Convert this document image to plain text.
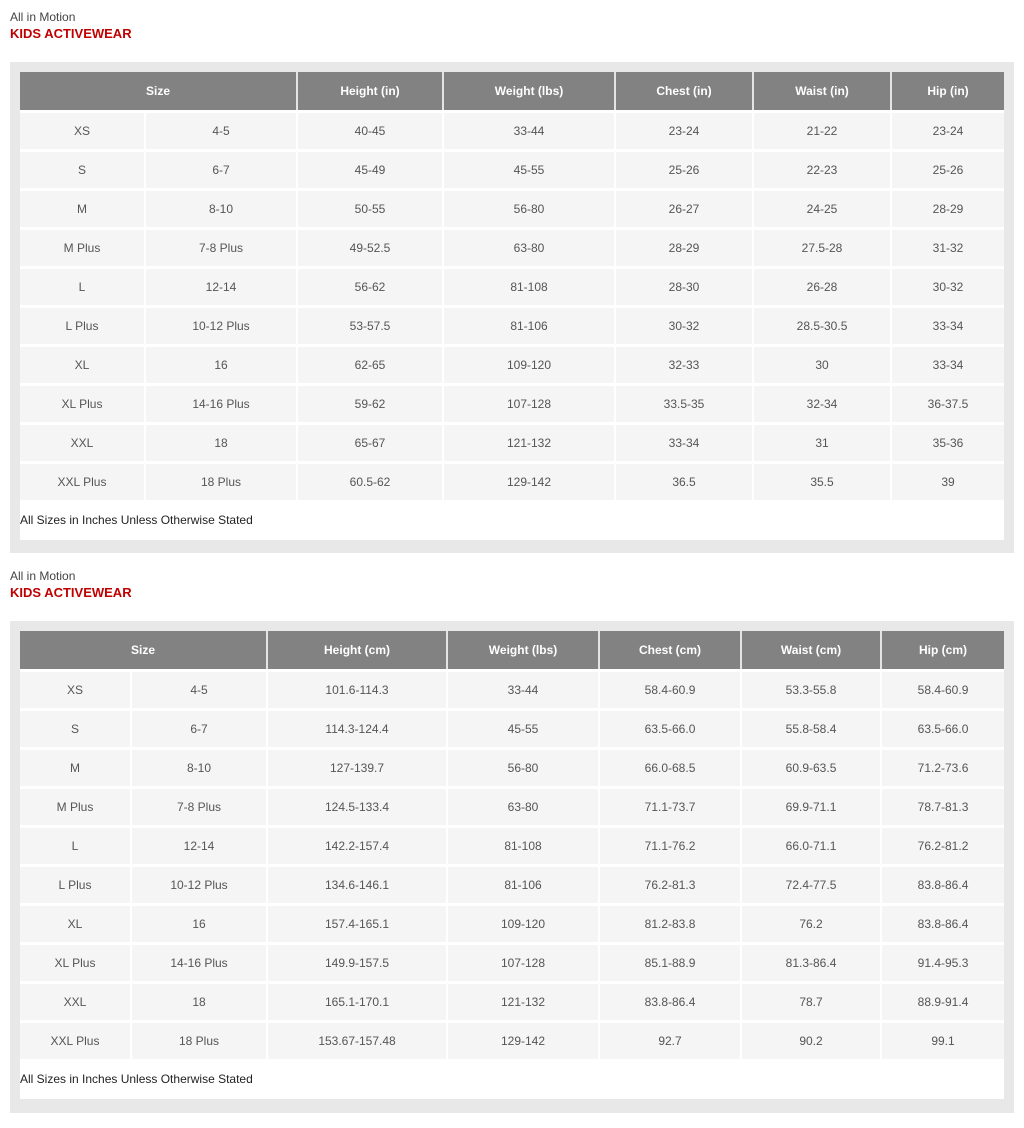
All in Motion
KIDS ACTIVEWEAR
Size		Height (in)	Weight (lbs)	Chest (in)	Waist (in)	Hip (in)
XS	4-5	40-45	33-44	23-24	21-22	23-24
S	6-7	45-49	45-55	25-26	22-23	25-26
M	8-10	50-55	56-80	26-27	24-25	28-29
M Plus	7-8 Plus	49-52.5	63-80	28-29	27.5-28	31-32
L	12-14	56-62	81-108	28-30	26-28	30-32
L Plus	10-12 Plus	53-57.5	81-106	30-32	28.5-30.5	33-34
XL	16	62-65	109-120	32-33	30	33-34
XL Plus	14-16 Plus	59-62	107-128	33.5-35	32-34	36-37.5
XXL	18	65-67	121-132	33-34	31	35-36
XXL Plus	18 Plus	60.5-62	129-142	36.5	35.5	39
All Sizes in Inches Unless Otherwise Stated
All in Motion
KIDS ACTIVEWEAR
Size		Height (cm)	Weight (lbs)	Chest (cm)	Waist (cm)	Hip (cm)
XS	4-5	101.6-114.3	33-44	58.4-60.9	53.3-55.8	58.4-60.9
S	6-7	114.3-124.4	45-55	63.5-66.0	55.8-58.4	63.5-66.0
M	8-10	127-139.7	56-80	66.0-68.5	60.9-63.5	71.2-73.6
M Plus	7-8 Plus	124.5-133.4	63-80	71.1-73.7	69.9-71.1	78.7-81.3
L	12-14	142.2-157.4	81-108	71.1-76.2	66.0-71.1	76.2-81.2
L Plus	10-12 Plus	134.6-146.1	81-106	76.2-81.3	72.4-77.5	83.8-86.4
XL	16	157.4-165.1	109-120	81.2-83.8	76.2	83.8-86.4
XL Plus	14-16 Plus	149.9-157.5	107-128	85.1-88.9	81.3-86.4	91.4-95.3
XXL	18	165.1-170.1	121-132	83.8-86.4	78.7	88.9-91.4
XXL Plus	18 Plus	153.67-157.48	129-142	92.7	90.2	99.1
All Sizes in Inches Unless Otherwise Stated
